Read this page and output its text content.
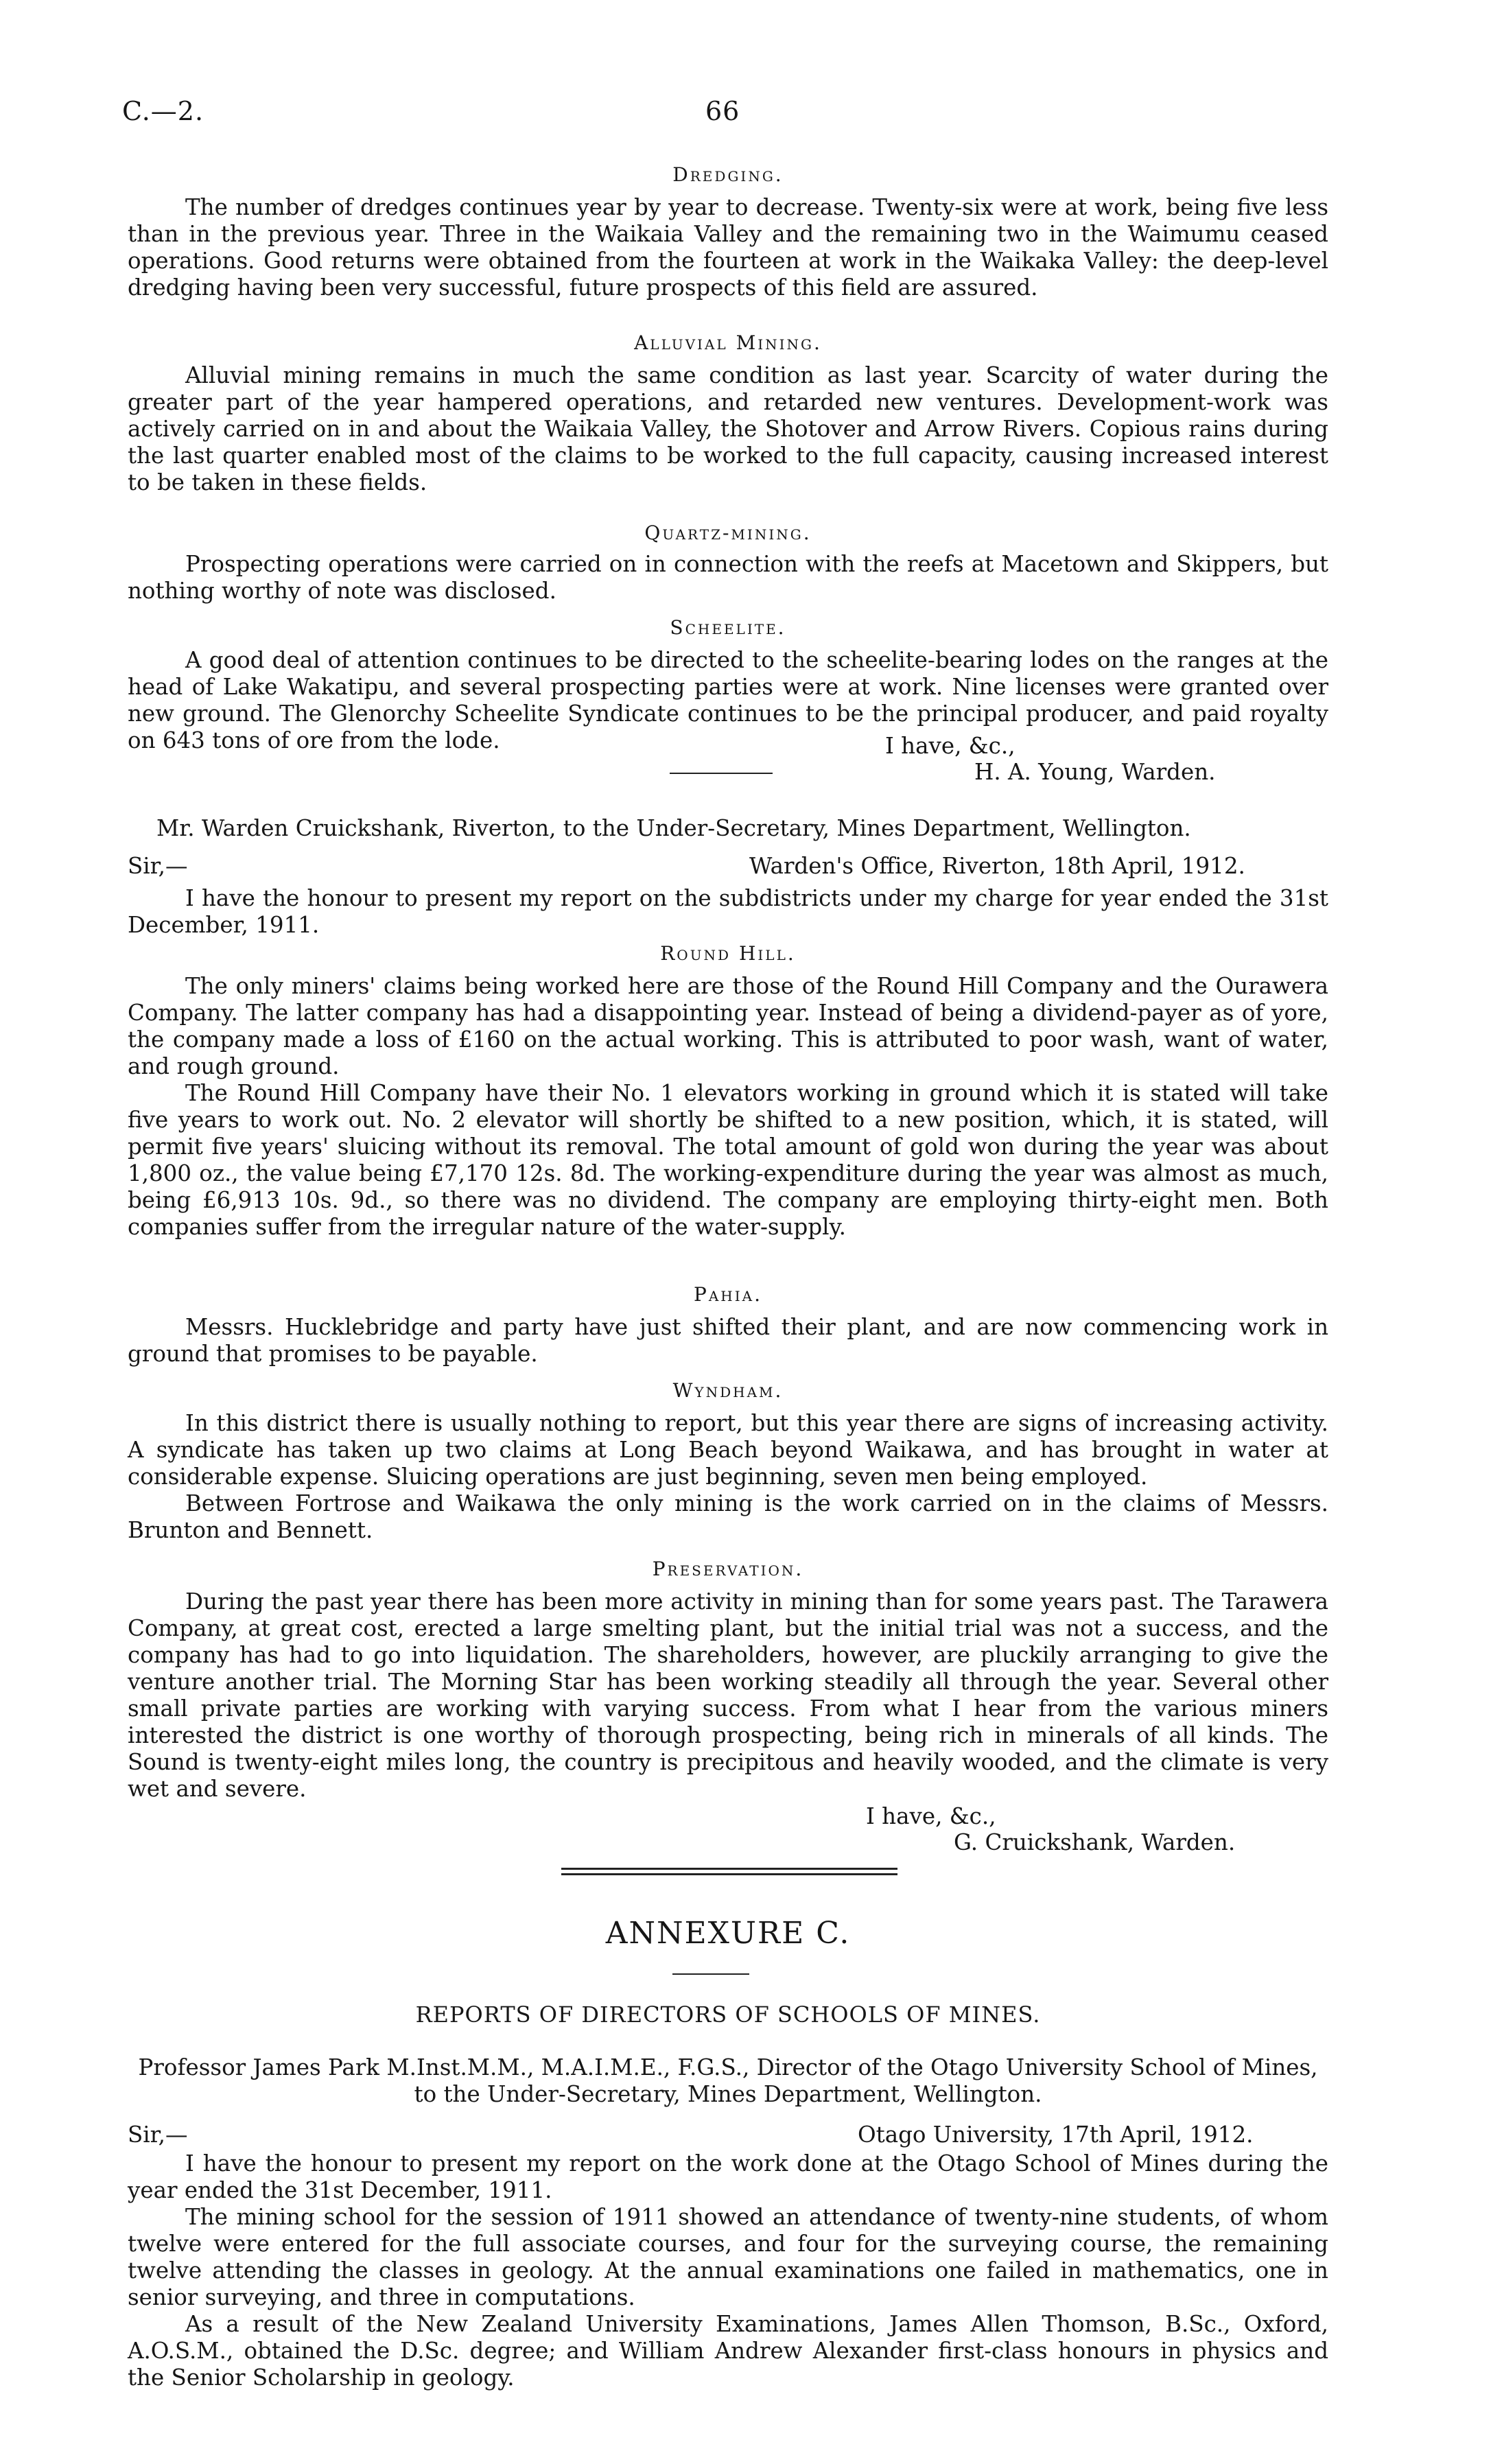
C.—2.	66

Dredging.

The number of dredges continues year by year to decrease. Twenty-six were at work, being five less than in the previous year. Three in the Waikaia Valley and the remaining two in the Waimumu ceased operations. Good returns were obtained from the fourteen at work in the Waikaka Valley: the deep-level dredging having been very successful, future prospects of this field are assured.

Alluvial Mining.

Alluvial mining remains in much the same condition as last year. Scarcity of water during the greater part of the year hampered operations, and retarded new ventures. Development-work was actively carried on in and about the Waikaia Valley, the Shotover and Arrow Rivers. Copious rains during the last quarter enabled most of the claims to be worked to the full capacity, causing increased interest to be taken in these fields.

Quartz-mining.

Prospecting operations were carried on in connection with the reefs at Macetown and Skippers, but nothing worthy of note was disclosed.

Scheelite.

A good deal of attention continues to be directed to the scheelite-bearing lodes on the ranges at the head of Lake Wakatipu, and several prospecting parties were at work. Nine licenses were granted over new ground. The Glenorchy Scheelite Syndicate continues to be the principal producer, and paid royalty on 643 tons of ore from the lode.	I have, &c.,
H. A. Young, Warden.

Mr. Warden Cruickshank, Riverton, to the Under-Secretary, Mines Department, Wellington.

Sir,—	Warden's Office, Riverton, 18th April, 1912.

I have the honour to present my report on the subdistricts under my charge for year ended the 31st December, 1911.

Round Hill.

The only miners' claims being worked here are those of the Round Hill Company and the Ourawera Company. The latter company has had a disappointing year. Instead of being a dividend-payer as of yore, the company made a loss of £160 on the actual working. This is attributed to poor wash, want of water, and rough ground.

The Round Hill Company have their No. 1 elevators working in ground which it is stated will take five years to work out. No. 2 elevator will shortly be shifted to a new position, which, it is stated, will permit five years' sluicing without its removal. The total amount of gold won during the year was about 1,800 oz., the value being £7,170 12s. 8d. The working-expenditure during the year was almost as much, being £6,913 10s. 9d., so there was no dividend. The company are employing thirty-eight men. Both companies suffer from the irregular nature of the water-supply.

Pahia.

Messrs. Hucklebridge and party have just shifted their plant, and are now commencing work in ground that promises to be payable.

Wyndham.

In this district there is usually nothing to report, but this year there are signs of increasing activity. A syndicate has taken up two claims at Long Beach beyond Waikawa, and has brought in water at considerable expense. Sluicing operations are just beginning, seven men being employed.

Between Fortrose and Waikawa the only mining is the work carried on in the claims of Messrs. Brunton and Bennett.

Preservation.

During the past year there has been more activity in mining than for some years past. The Tarawera Company, at great cost, erected a large smelting plant, but the initial trial was not a success, and the company has had to go into liquidation. The shareholders, however, are pluckily arranging to give the venture another trial. The Morning Star has been working steadily all through the year. Several other small private parties are working with varying success. From what I hear from the various miners interested the district is one worthy of thorough prospecting, being rich in minerals of all kinds. The Sound is twenty-eight miles long, the country is precipitous and heavily wooded, and the climate is very wet and severe.

I have, &c.,
G. Cruickshank, Warden.

ANNEXURE C.

REPORTS OF DIRECTORS OF SCHOOLS OF MINES.

Professor James Park M.Inst.M.M., M.A.I.M.E., F.G.S., Director of the Otago University School of Mines, to the Under-Secretary, Mines Department, Wellington.

Sir,—	Otago University, 17th April, 1912.

I have the honour to present my report on the work done at the Otago School of Mines during the year ended the 31st December, 1911.

The mining school for the session of 1911 showed an attendance of twenty-nine students, of whom twelve were entered for the full associate courses, and four for the surveying course, the remaining twelve attending the classes in geology. At the annual examinations one failed in mathematics, one in senior surveying, and three in computations.

As a result of the New Zealand University Examinations, James Allen Thomson, B.Sc., Oxford, A.O.S.M., obtained the D.Sc. degree; and William Andrew Alexander first-class honours in physics and the Senior Scholarship in geology.
